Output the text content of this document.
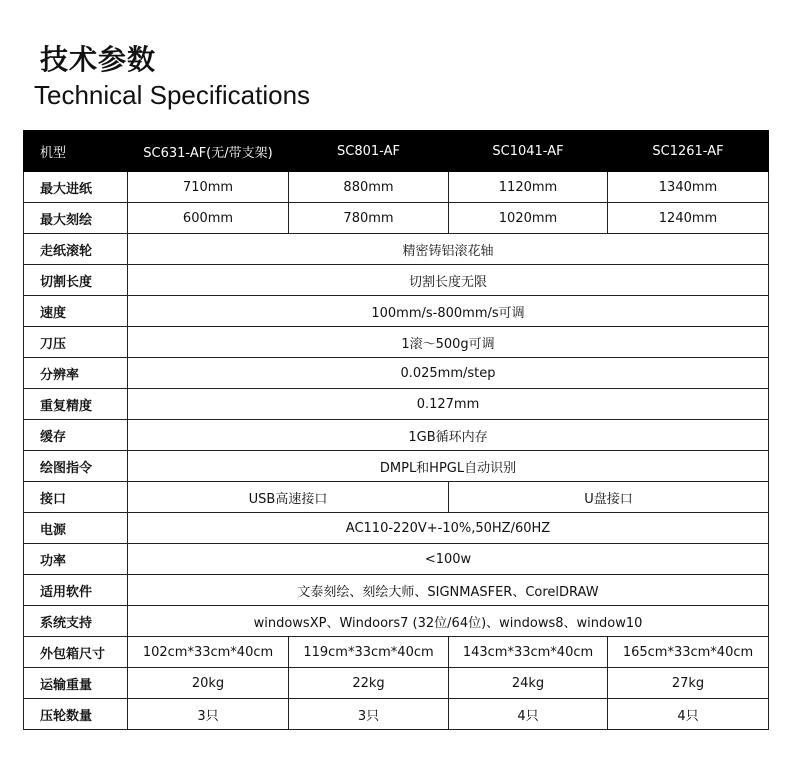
技术参数
Technical Specifications
机型	SC631-AF(无/带支架)	SC801-AF	SC1041-AF	SC1261-AF
最大进纸	710mm	880mm	1120mm	1340mm
最大刻绘	600mm	780mm	1020mm	1240mm
走纸滚轮	精密铸铝滚花轴			
切割长度	切割长度无限			
速度	100mm/s-800mm/s可调			
刀压	1滚～500g可调			
分辨率	0.025mm/step			
重复精度	0.127mm			
缓存	1GB循环内存			
绘图指令	DMPL和HPGL自动识别			
接口	USB高速接口		U盘接口	
电源	AC110-220V+-10%,50HZ/60HZ			
功率	<100w			
适用软件	文泰刻绘、刻绘大师、SIGNMASFER、CorelDRAW			
系统支持	windowsXP、Windoors7 (32位/64位)、windows8、window10			
外包箱尺寸	102cm*33cm*40cm	119cm*33cm*40cm	143cm*33cm*40cm	165cm*33cm*40cm
运输重量	20kg	22kg	24kg	27kg
压轮数量	3只	3只	4只	4只
